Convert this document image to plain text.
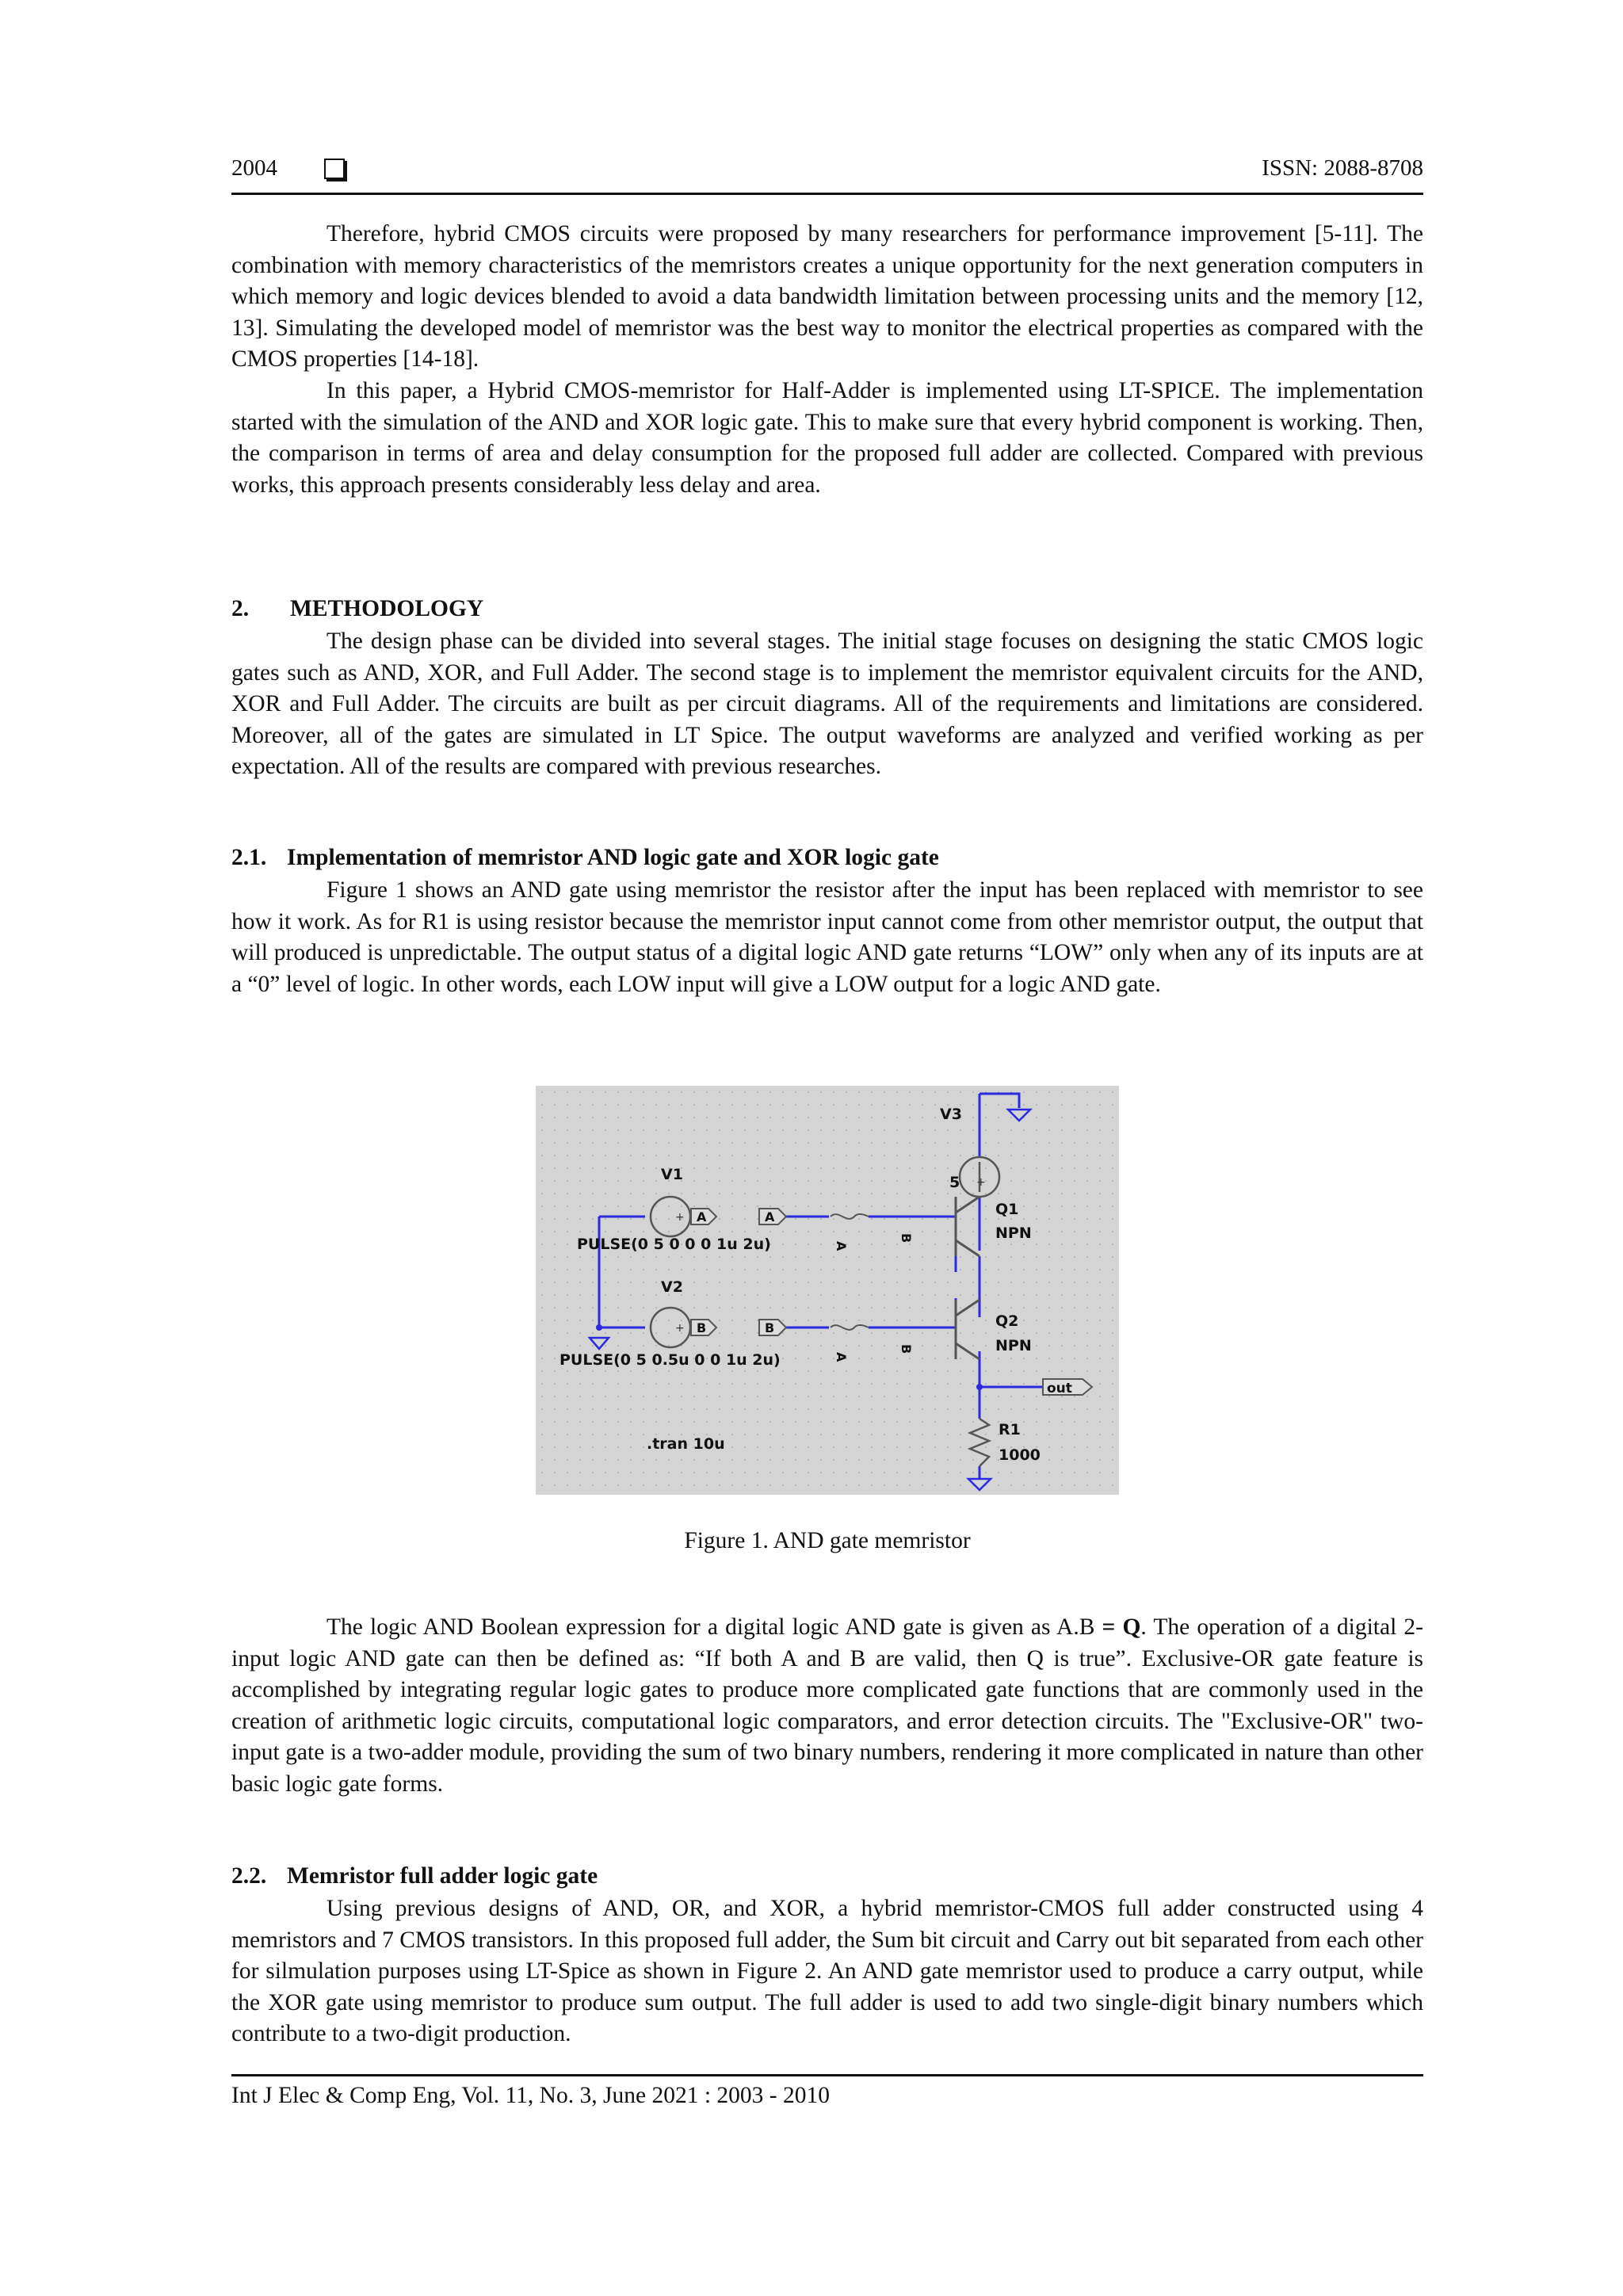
2004	ISSN: 2088-8708

Therefore, hybrid CMOS circuits were proposed by many researchers for performance improvement [5-11]. The combination with memory characteristics of the memristors creates a unique opportunity for the next generation computers in which memory and logic devices blended to avoid a data bandwidth limitation between processing units and the memory [12, 13]. Simulating the developed model of memristor was the best way to monitor the electrical properties as compared with the CMOS properties [14-18].

In this paper, a Hybrid CMOS-memristor for Half-Adder is implemented using LT-SPICE. The implementation started with the simulation of the AND and XOR logic gate. This to make sure that every hybrid component is working. Then, the comparison in terms of area and delay consumption for the proposed full adder are collected. Compared with previous works, this approach presents considerably less delay and area.

2. METHODOLOGY

The design phase can be divided into several stages. The initial stage focuses on designing the static CMOS logic gates such as AND, XOR, and Full Adder. The second stage is to implement the memristor equivalent circuits for the AND, XOR and Full Adder. The circuits are built as per circuit diagrams. All of the requirements and limitations are considered. Moreover, all of the gates are simulated in LT Spice. The output waveforms are analyzed and verified working as per expectation. All of the results are compared with previous researches.

2.1. Implementation of memristor AND logic gate and XOR logic gate

Figure 1 shows an AND gate using memristor the resistor after the input has been replaced with memristor to see how it work. As for R1 is using resistor because the memristor input cannot come from other memristor output, the output that will produced is unpredictable. The output status of a digital logic AND gate returns “LOW” only when any of its inputs are at a “0” level of logic. In other words, each LOW input will give a LOW output for a logic AND gate.

V3
5
V1
V2
PULSE(0 5 0 0 0 1u 2u)
PULSE(0 5 0.5u 0 0 1u 2u)
A
B
A
B
A
B
A
B
Q1
NPN
Q2
NPN
out
R1
1000
.tran 10u
+
+
+
Figure 1. AND gate memristor

The logic AND Boolean expression for a digital logic AND gate is given as A.B = Q. The operation of a digital 2-input logic AND gate can then be defined as: “If both A and B are valid, then Q is true”. Exclusive-OR gate feature is accomplished by integrating regular logic gates to produce more complicated gate functions that are commonly used in the creation of arithmetic logic circuits, computational logic comparators, and error detection circuits. The "Exclusive-OR" two-input gate is a two-adder module, providing the sum of two binary numbers, rendering it more complicated in nature than other basic logic gate forms.

2.2. Memristor full adder logic gate

Using previous designs of AND, OR, and XOR, a hybrid memristor-CMOS full adder constructed using 4 memristors and 7 CMOS transistors. In this proposed full adder, the Sum bit circuit and Carry out bit separated from each other for silmulation purposes using LT-Spice as shown in Figure 2. An AND gate memristor used to produce a carry output, while the XOR gate using memristor to produce sum output. The full adder is used to add two single-digit binary numbers which contribute to a two-digit production.

Int J Elec & Comp Eng, Vol. 11, No. 3, June 2021 : 2003 - 2010
